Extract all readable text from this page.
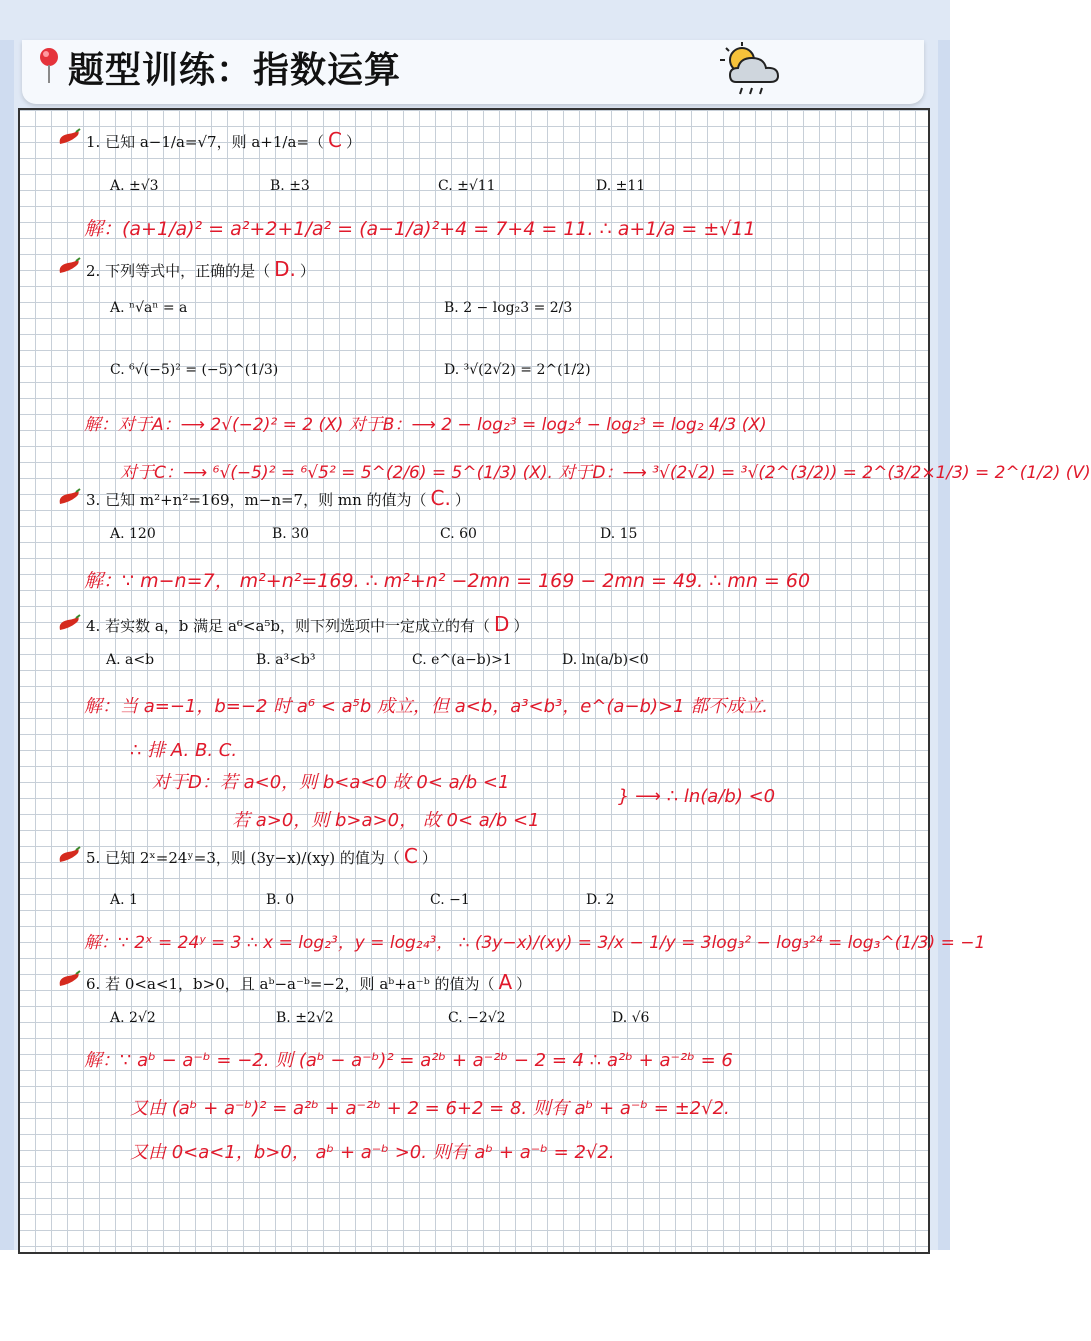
题型训练：指数运算
1. 已知 a−1/a=√7，则 a+1/a=（ C ）
A. ±√3	B. ±3	C. ±√11	D. ±11
解：(a+1/a)² = a²+2+1/a² = (a−1/a)²+4 = 7+4 = 11. ∴ a+1/a = ±√11
2. 下列等式中，正确的是（ D. ）
A. ⁿ√aⁿ = a	B. 2 − log₂3 = 2/3
C. ⁶√(−5)² = (−5)^(1/3)	D. ³√(2√2) = 2^(1/2)
解：对于A：⟶ 2√(−2)² = 2 (X) 对于B：⟶ 2 − log₂³ = log₂⁴ − log₂³ = log₂ 4/3 (X)
对于C：⟶ ⁶√(−5)² = ⁶√5² = 5^(2/6) = 5^(1/3) (X). 对于D：⟶ ³√(2√2) = ³√(2^(3/2)) = 2^(3/2×1/3) = 2^(1/2) (V)
3. 已知 m²+n²=169，m−n=7，则 mn 的值为（ C. ）
A. 120	B. 30	C. 60	D. 15
解：∵ m−n=7， m²+n²=169. ∴ m²+n² −2mn = 169 − 2mn = 49. ∴ mn = 60
4. 若实数 a，b 满足 a⁶<a⁵b，则下列选项中一定成立的有（ D ）
A. a<b	B. a³<b³	C. e^(a−b)>1	D. ln(a/b)<0
解：当 a=−1，b=−2 时 a⁶ < a⁵b 成立，但 a<b，a³<b³，e^(a−b)>1 都不成立.
∴ 排 A. B. C.
对于D：若 a<0，则 b<a<0 故 0< a/b <1
若 a>0，则 b>a>0， 故 0< a/b <1
} ⟶ ∴ ln(a/b) <0
5. 已知 2ˣ=24ʸ=3，则 (3y−x)/(xy) 的值为（ C ）
A. 1	B. 0	C. −1	D. 2
解：∵ 2ˣ = 24ʸ = 3 ∴ x = log₂³，y = log₂₄³， ∴ (3y−x)/(xy) = 3/x − 1/y = 3log₃² − log₃²⁴ = log₃^(1/3) = −1
6. 若 0<a<1，b>0，且 aᵇ−a⁻ᵇ=−2，则 aᵇ+a⁻ᵇ 的值为（ A ）
A. 2√2	B. ±2√2	C. −2√2	D. √6
解：∵ aᵇ − a⁻ᵇ = −2. 则 (aᵇ − a⁻ᵇ)² = a²ᵇ + a⁻²ᵇ − 2 = 4 ∴ a²ᵇ + a⁻²ᵇ = 6
又由 (aᵇ + a⁻ᵇ)² = a²ᵇ + a⁻²ᵇ + 2 = 6+2 = 8. 则有 aᵇ + a⁻ᵇ = ±2√2.
又由 0<a<1，b>0， aᵇ + a⁻ᵇ >0. 则有 aᵇ + a⁻ᵇ = 2√2.
